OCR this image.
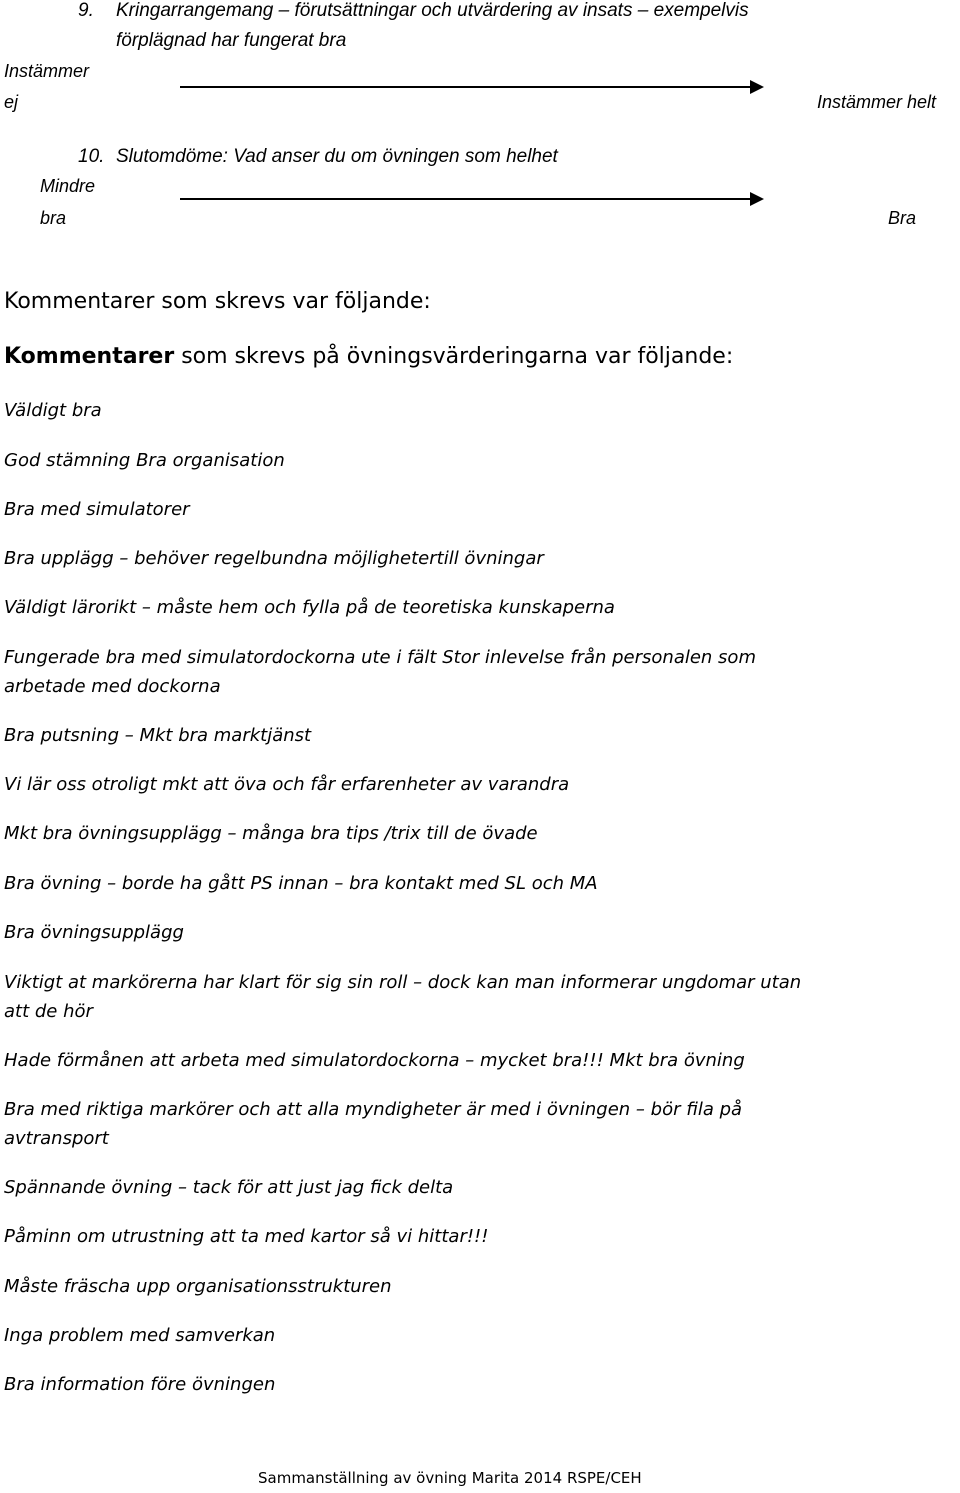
9. Kringarrangemang – förutsättningar och utvärdering av insats – exempelvis
förplägnad har fungerat bra
Instämmer
ej	Instämmer helt
10. Slutomdöme: Vad anser du om övningen som helhet
Mindre
bra	Bra
Kommentarer som skrevs var följande:
Kommentarer som skrevs på övningsvärderingarna var följande:
Väldigt bra
God stämning Bra organisation
Bra med simulatorer
Bra upplägg – behöver regelbundna möjlighetertill övningar
Väldigt lärorikt – måste hem och fylla på de teoretiska kunskaperna
Fungerade bra med simulatordockorna ute i fält Stor inlevelse från personalen som
arbetade med dockorna
Bra putsning – Mkt bra marktjänst
Vi lär oss otroligt mkt att öva och får erfarenheter av varandra
Mkt bra övningsupplägg – många bra tips /trix till de övade
Bra övning – borde ha gått PS innan – bra kontakt med SL och MA
Bra övningsupplägg
Viktigt at markörerna har klart för sig sin roll – dock kan man informerar ungdomar utan
att de hör
Hade förmånen att arbeta med simulatordockorna – mycket bra!!! Mkt bra övning
Bra med riktiga markörer och att alla myndigheter är med i övningen – bör fila på
avtransport
Spännande övning – tack för att just jag fick delta
Påminn om utrustning att ta med kartor så vi hittar!!!
Måste fräscha upp organisationsstrukturen
Inga problem med samverkan
Bra information före övningen
Sammanställning av övning Marita 2014 RSPE/CEH
